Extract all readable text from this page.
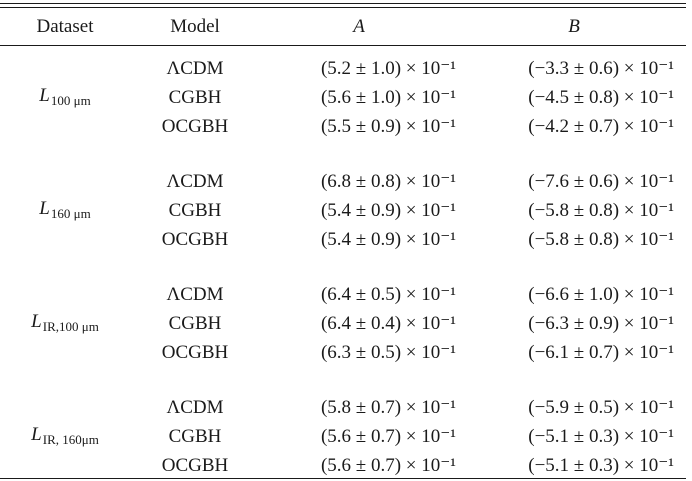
Dataset	Model	A	B
$L_{100 \mu m}$
ΛCDM	(5.2 ± 1.0) × 10⁻¹	(−3.3 ± 0.6) × 10⁻¹
CGBH	(5.6 ± 1.0) × 10⁻¹	(−4.5 ± 0.8) × 10⁻¹
OCGBH	(5.5 ± 0.9) × 10⁻¹	(−4.2 ± 0.7) × 10⁻¹
$L_{160 \mu m}$
ΛCDM	(6.8 ± 0.8) × 10⁻¹	(−7.6 ± 0.6) × 10⁻¹
CGBH	(5.4 ± 0.9) × 10⁻¹	(−5.8 ± 0.8) × 10⁻¹
OCGBH	(5.4 ± 0.9) × 10⁻¹	(−5.8 ± 0.8) × 10⁻¹
$L_{IR,100 \mu m}$
ΛCDM	(6.4 ± 0.5) × 10⁻¹	(−6.6 ± 1.0) × 10⁻¹
CGBH	(6.4 ± 0.4) × 10⁻¹	(−6.3 ± 0.9) × 10⁻¹
OCGBH	(6.3 ± 0.5) × 10⁻¹	(−6.1 ± 0.7) × 10⁻¹
$L_{IR, 160\mu m}$
ΛCDM	(5.8 ± 0.7) × 10⁻¹	(−5.9 ± 0.5) × 10⁻¹
CGBH	(5.6 ± 0.7) × 10⁻¹	(−5.1 ± 0.3) × 10⁻¹
OCGBH	(5.6 ± 0.7) × 10⁻¹	(−5.1 ± 0.3) × 10⁻¹
